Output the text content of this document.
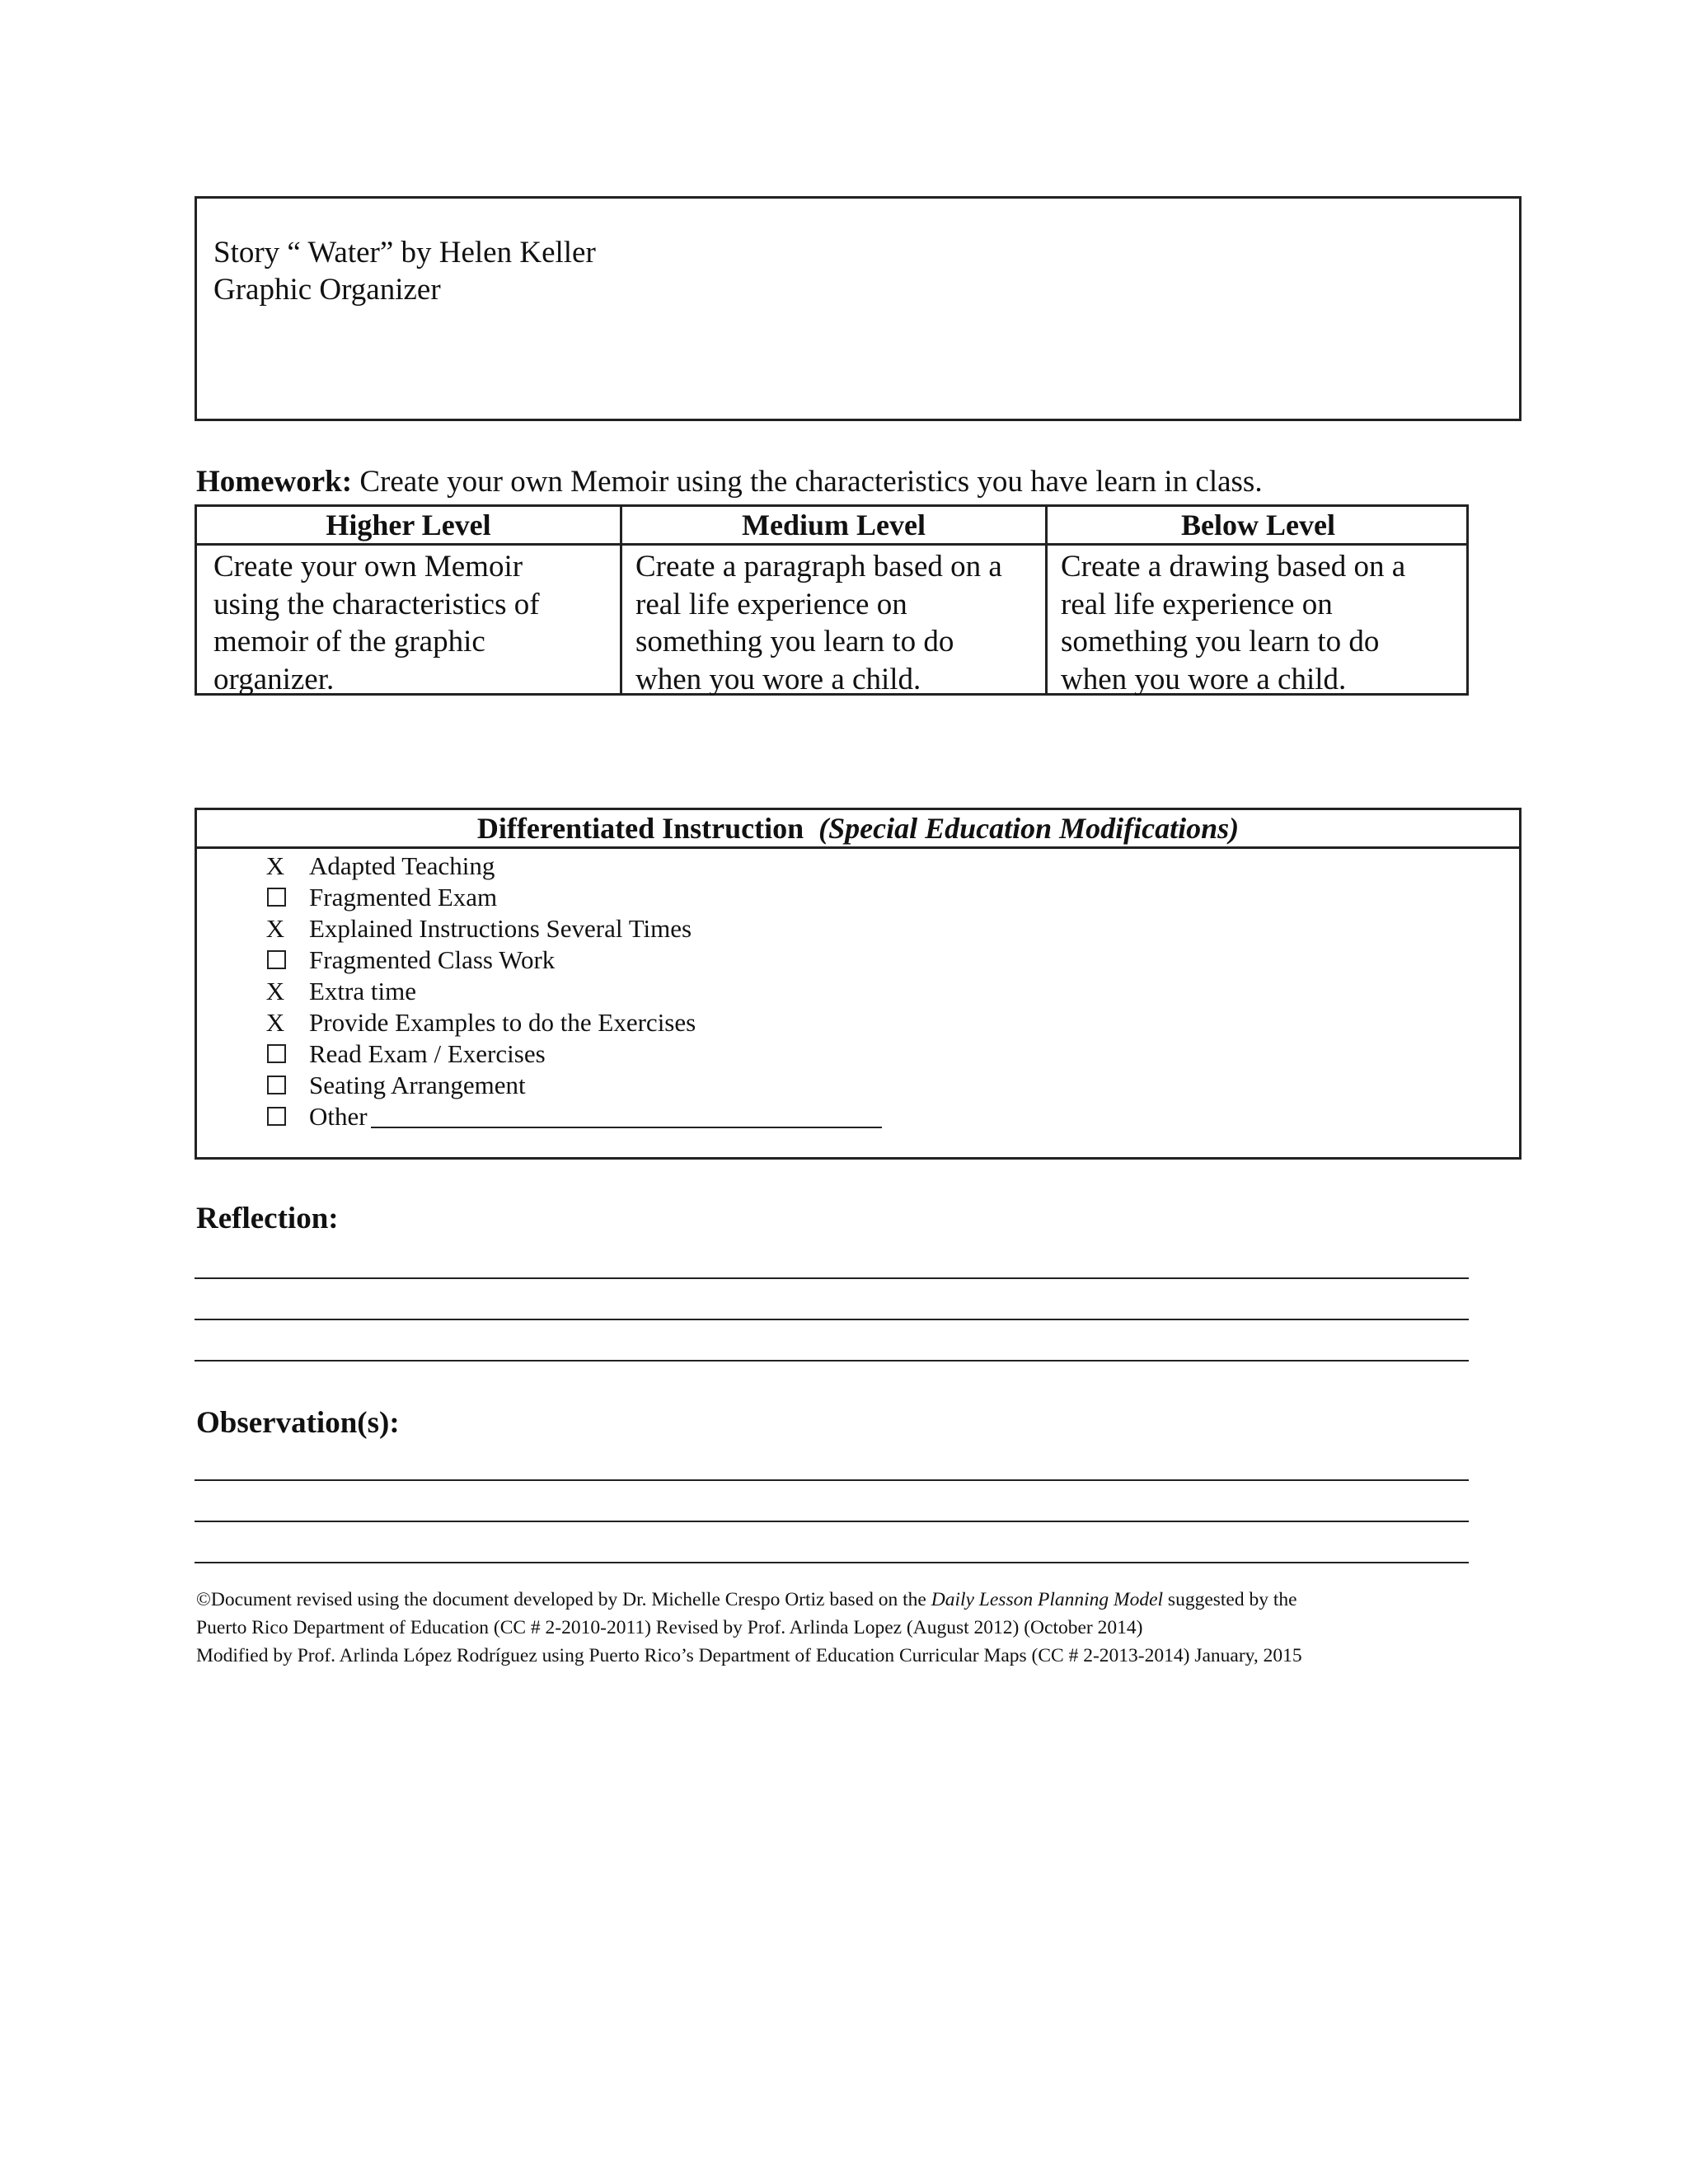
Story “ Water” by Helen Keller
Graphic Organizer
Homework: Create your own Memoir using the characteristics you have learn in class.
Higher Level	Medium Level	Below Level
Create your own Memoir
using the characteristics of
memoir of the graphic
organizer.
Create a paragraph based on a
real life experience on
something you learn to do
when you wore a child.
Create a drawing based on a
real life experience on
something you learn to do
when you wore a child.
Differentiated Instruction (Special Education Modifications)
X Adapted Teaching
Fragmented Exam
X Explained Instructions Several Times
Fragmented Class Work
X Extra time
X Provide Examples to do the Exercises
Read Exam / Exercises
Seating Arrangement
Other
Reflection:
Observation(s):
©Document revised using the document developed by Dr. Michelle Crespo Ortiz based on the Daily Lesson Planning Model suggested by the
Puerto Rico Department of Education (CC # 2-2010-2011) Revised by Prof. Arlinda Lopez (August 2012) (October 2014)
Modified by Prof. Arlinda López Rodríguez using Puerto Rico’s Department of Education Curricular Maps (CC # 2-2013-2014) January, 2015
